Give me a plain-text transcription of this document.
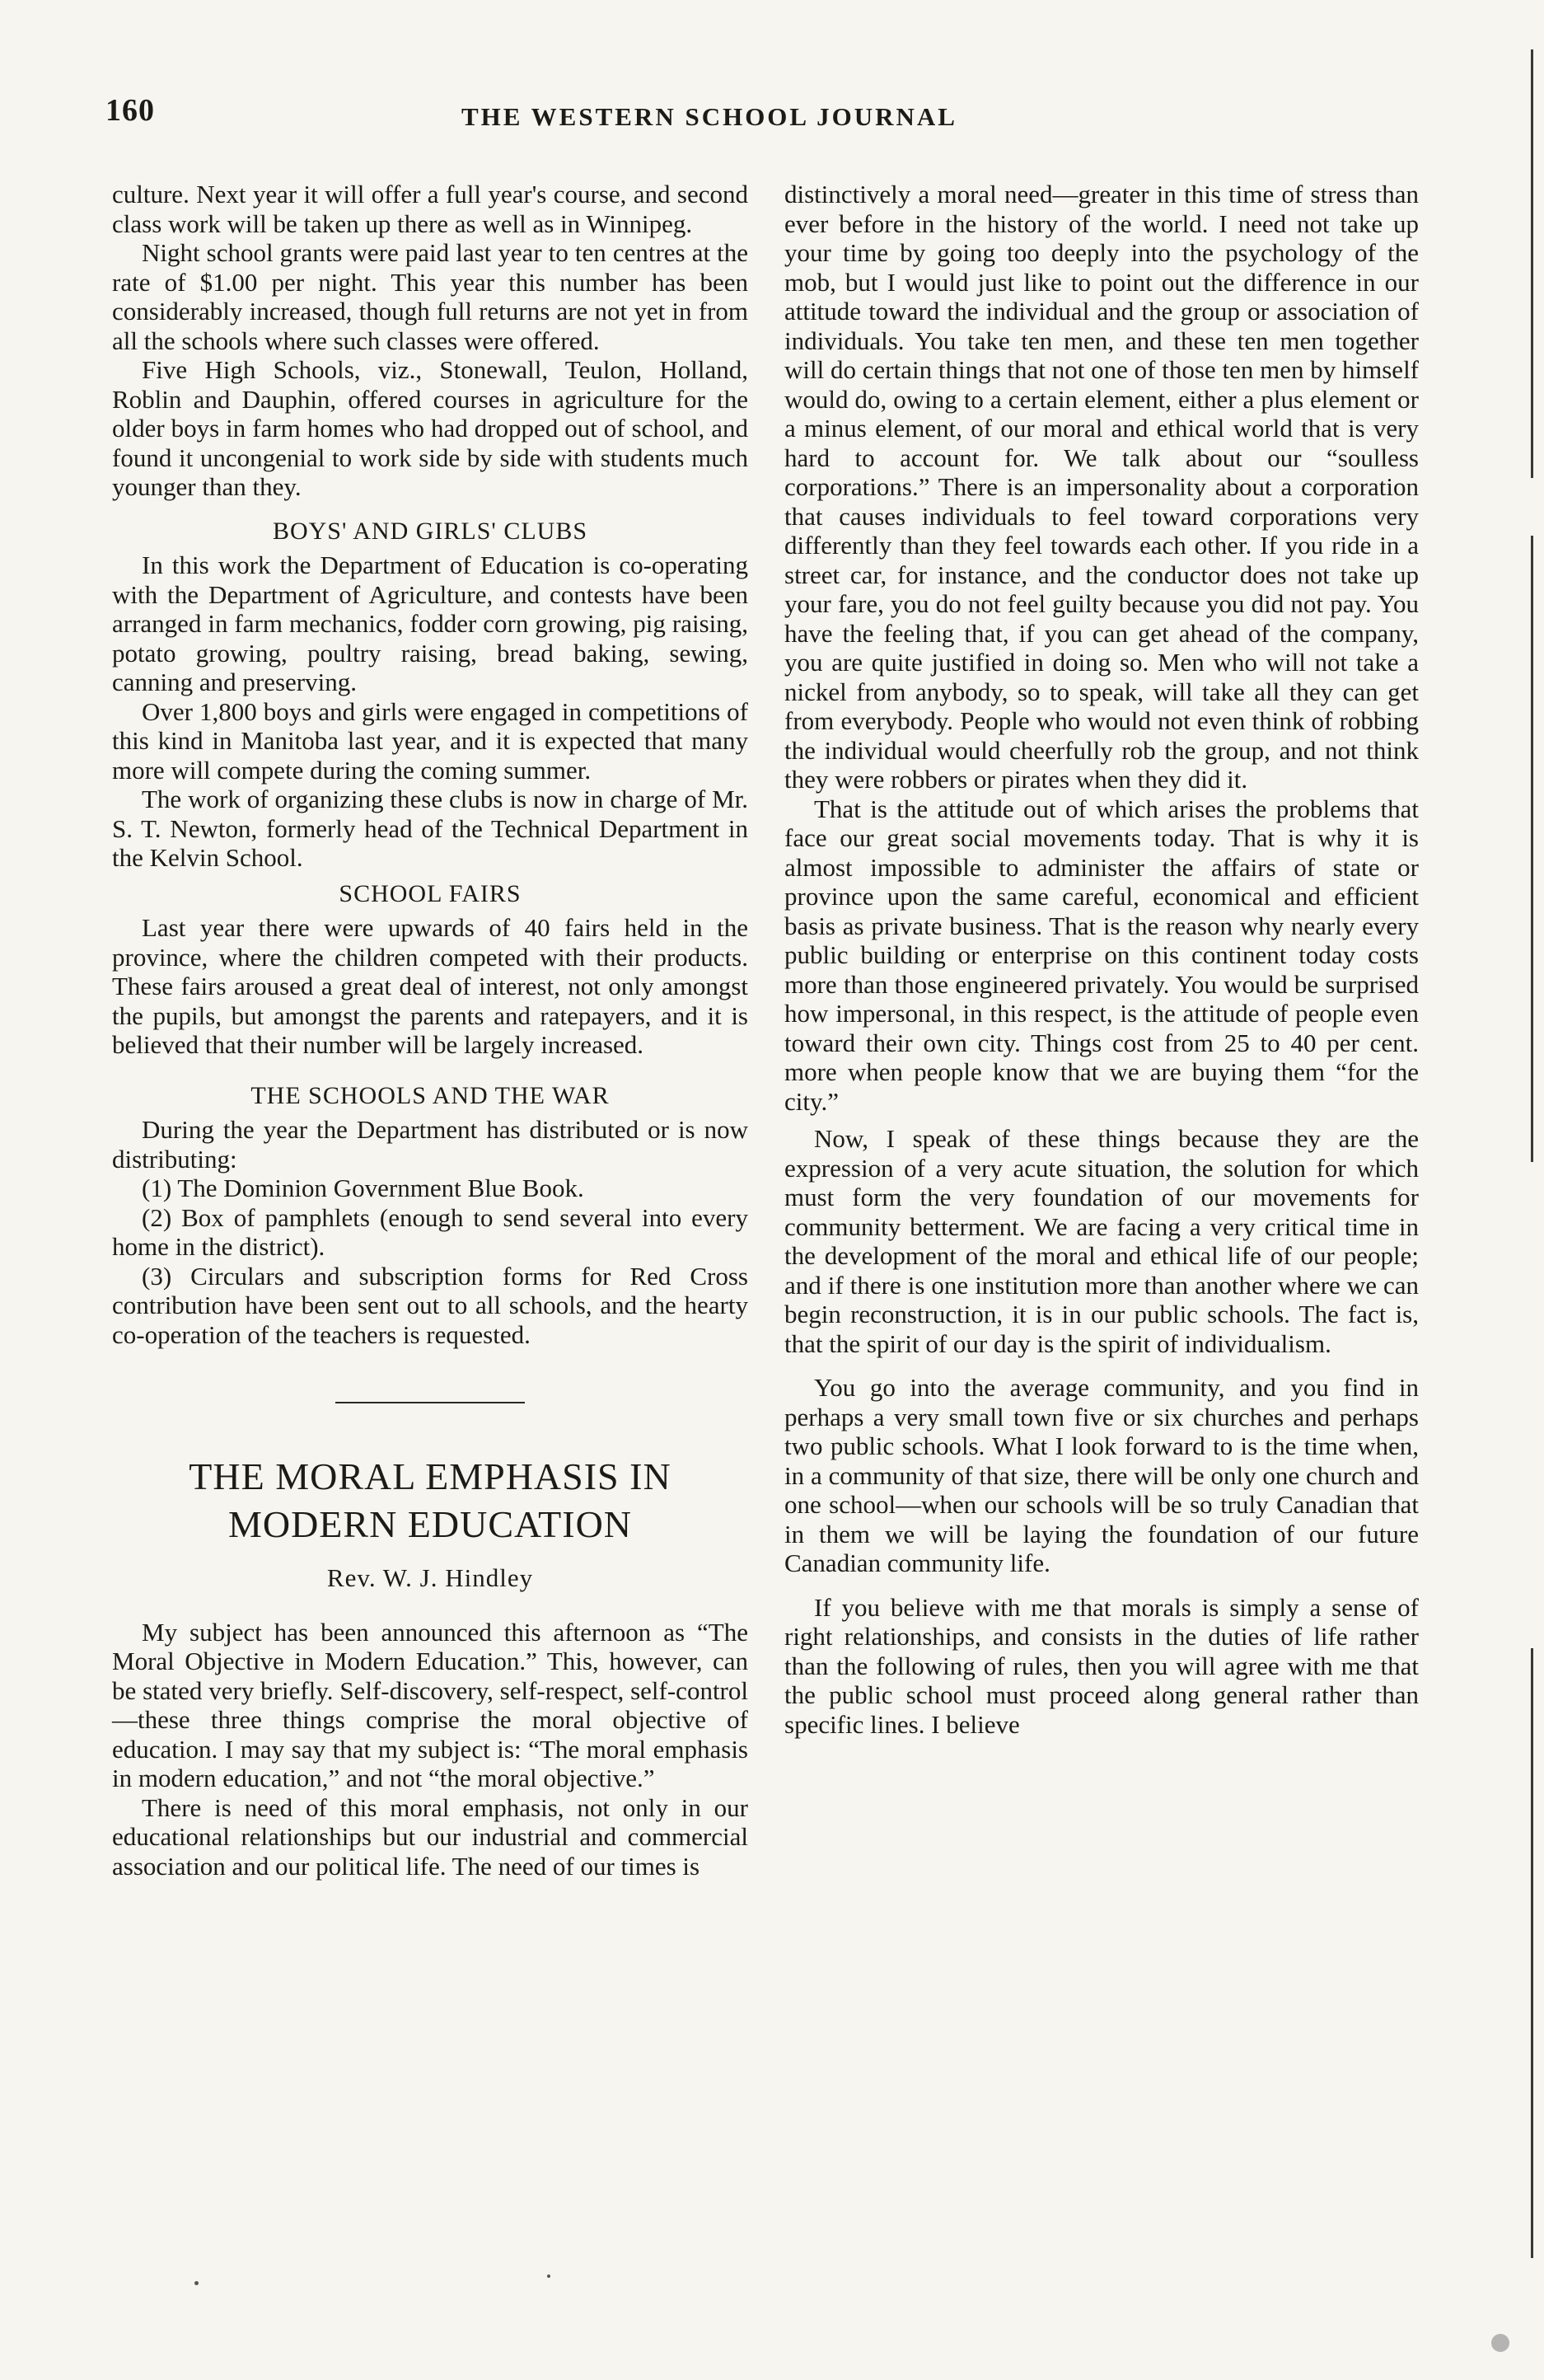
160	THE WESTERN SCHOOL JOURNAL

culture. Next year it will offer a full year's course, and second class work will be taken up there as well as in Winnipeg.

Night school grants were paid last year to ten centres at the rate of $1.00 per night. This year this number has been considerably increased, though full returns are not yet in from all the schools where such classes were offered.

Five High Schools, viz., Stonewall, Teulon, Holland, Roblin and Dauphin, offered courses in agriculture for the older boys in farm homes who had dropped out of school, and found it uncongenial to work side by side with students much younger than they.

BOYS' AND GIRLS' CLUBS

In this work the Department of Education is co-operating with the Department of Agriculture, and contests have been arranged in farm mechanics, fodder corn growing, pig raising, potato growing, poultry raising, bread baking, sewing, canning and preserving.

Over 1,800 boys and girls were engaged in competitions of this kind in Manitoba last year, and it is expected that many more will compete during the coming summer.

The work of organizing these clubs is now in charge of Mr. S. T. Newton, formerly head of the Technical Department in the Kelvin School.

SCHOOL FAIRS

Last year there were upwards of 40 fairs held in the province, where the children competed with their products. These fairs aroused a great deal of interest, not only amongst the pupils, but amongst the parents and ratepayers, and it is believed that their number will be largely increased.

THE SCHOOLS AND THE WAR

During the year the Department has distributed or is now distributing:

(1) The Dominion Government Blue Book.

(2) Box of pamphlets (enough to send several into every home in the district).

(3) Circulars and subscription forms for Red Cross contribution have been sent out to all schools, and the hearty co-operation of the teachers is requested.

THE MORAL EMPHASIS IN
MODERN EDUCATION
Rev. W. J. Hindley

My subject has been announced this afternoon as “The Moral Objective in Modern Education.” This, however, can be stated very briefly. Self-discovery, self-respect, self-control—these three things comprise the moral objective of education. I may say that my subject is: “The moral emphasis in modern education,” and not “the moral objective.”

There is need of this moral emphasis, not only in our educational relationships but our industrial and commercial association and our political life. The need of our times is

distinctively a moral need—greater in this time of stress than ever before in the history of the world. I need not take up your time by going too deeply into the psychology of the mob, but I would just like to point out the difference in our attitude toward the individual and the group or association of individuals. You take ten men, and these ten men together will do certain things that not one of those ten men by himself would do, owing to a certain element, either a plus element or a minus element, of our moral and ethical world that is very hard to account for. We talk about our “soulless corporations.” There is an impersonality about a corporation that causes individuals to feel toward corporations very differently than they feel towards each other. If you ride in a street car, for instance, and the conductor does not take up your fare, you do not feel guilty because you did not pay. You have the feeling that, if you can get ahead of the company, you are quite justified in doing so. Men who will not take a nickel from anybody, so to speak, will take all they can get from everybody. People who would not even think of robbing the individual would cheerfully rob the group, and not think they were robbers or pirates when they did it.

That is the attitude out of which arises the problems that face our great social movements today. That is why it is almost impossible to administer the affairs of state or province upon the same careful, economical and efficient basis as private business. That is the reason why nearly every public building or enterprise on this continent today costs more than those engineered privately. You would be surprised how impersonal, in this respect, is the attitude of people even toward their own city. Things cost from 25 to 40 per cent. more when people know that we are buying them “for the city.”

Now, I speak of these things because they are the expression of a very acute situation, the solution for which must form the very foundation of our movements for community betterment. We are facing a very critical time in the development of the moral and ethical life of our people; and if there is one institution more than another where we can begin reconstruction, it is in our public schools. The fact is, that the spirit of our day is the spirit of individualism.

You go into the average community, and you find in perhaps a very small town five or six churches and perhaps two public schools. What I look forward to is the time when, in a community of that size, there will be only one church and one school—when our schools will be so truly Canadian that in them we will be laying the foundation of our future Canadian community life.

If you believe with me that morals is simply a sense of right relationships, and consists in the duties of life rather than the following of rules, then you will agree with me that the public school must proceed along general rather than specific lines. I believe
